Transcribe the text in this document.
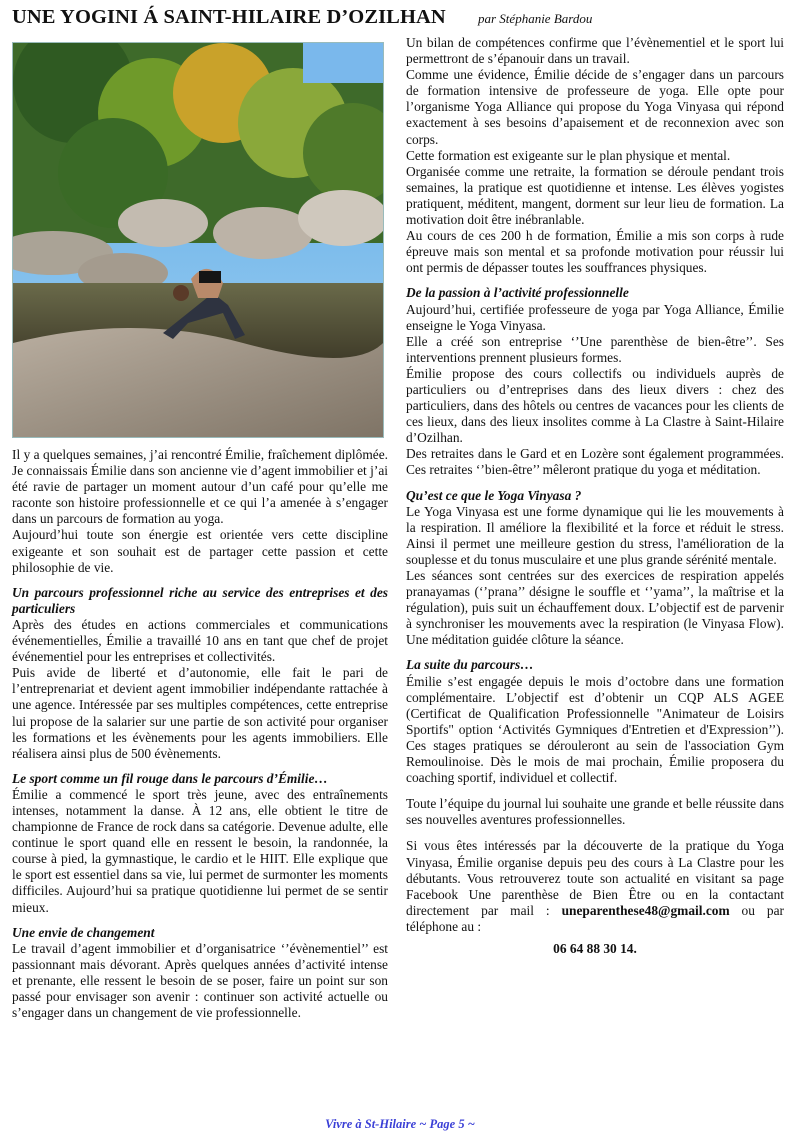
UNE YOGINI Á SAINT-HILAIRE D’OZILHAN par Stéphanie Bardou

Il y a quelques semaines, j’ai rencontré Émilie, fraîchement diplômée. Je connaissais Émilie dans son ancienne vie d’agent immobilier et j’ai été ravie de partager un moment autour d’un café pour qu’elle me raconte son histoire professionnelle et ce qui l’a amenée à s’engager dans un parcours de formation au yoga.

Aujourd’hui toute son énergie est orientée vers cette discipline exigeante et son souhait est de partager cette passion et cette philosophie de vie.

Un parcours professionnel riche au service des entreprises et des particuliers

Après des études en actions commerciales et communications événementielles, Émilie a travaillé 10 ans en tant que chef de projet événementiel pour les entreprises et collectivités.

Puis avide de liberté et d’autonomie, elle fait le pari de l’entreprenariat et devient agent immobilier indépendante rattachée à une agence. Intéressée par ses multiples compétences, cette entreprise lui propose de la salarier sur une partie de son activité pour organiser les formations et les évènements pour les agents immobiliers. Elle réalisera ainsi plus de 500 évènements.

Le sport comme un fil rouge dans le parcours d’Émilie…

Émilie a commencé le sport très jeune, avec des entraînements intenses, notamment la danse. À 12 ans, elle obtient le titre de championne de France de rock dans sa catégorie. Devenue adulte, elle continue le sport quand elle en ressent le besoin, la randonnée, la course à pied, la gymnastique, le cardio et le HIIT. Elle explique que le sport est essentiel dans sa vie, lui permet de surmonter les moments difficiles. Aujourd’hui sa pratique quotidienne lui permet de se sentir mieux.

Une envie de changement

Le travail d’agent immobilier et d’organisatrice ‘’évènementiel’’ est passionnant mais dévorant. Après quelques années d’activité intense et prenante, elle ressent le besoin de se poser, faire un point sur son passé pour envisager son avenir : continuer son activité actuelle ou s’engager dans un changement de vie professionnelle.

Un bilan de compétences confirme que l’évènementiel et le sport lui permettront de s’épanouir dans un travail.

Comme une évidence, Émilie décide de s’engager dans un parcours de formation intensive de professeure de yoga. Elle opte pour l’organisme Yoga Alliance qui propose du Yoga Vinyasa qui répond exactement à ses besoins d’apaisement et de reconnexion avec son corps.

Cette formation est exigeante sur le plan physique et mental.

Organisée comme une retraite, la formation se déroule pendant trois semaines, la pratique est quotidienne et intense. Les élèves yogistes pratiquent, méditent, mangent, dorment sur leur lieu de formation. La motivation doit être inébranlable.

Au cours de ces 200 h de formation, Émilie a mis son corps à rude épreuve mais son mental et sa profonde motivation pour réussir lui ont permis de dépasser toutes les souffrances physiques.

De la passion à l’activité professionnelle

Aujourd’hui, certifiée professeure de yoga par Yoga Alliance, Émilie enseigne le Yoga Vinyasa.

Elle a créé son entreprise ‘’Une parenthèse de bien-être’’. Ses interventions prennent plusieurs formes.

Émilie propose des cours collectifs ou individuels auprès de particuliers ou d’entreprises dans des lieux divers : chez des particuliers, dans des hôtels ou centres de vacances pour les clients de ces lieux, dans des lieux insolites comme à La Clastre à Saint-Hilaire d’Ozilhan.

Des retraites dans le Gard et en Lozère sont également programmées. Ces retraites ‘’bien-être’’ mêleront pratique du yoga et méditation.

Qu’est ce que le Yoga Vinyasa ?

Le Yoga Vinyasa est une forme dynamique qui lie les mouvements à la respiration. Il améliore la flexibilité et la force et réduit le stress. Ainsi il permet une meilleure gestion du stress, l'amélioration de la souplesse et du tonus musculaire et une plus grande sérénité mentale.

Les séances sont centrées sur des exercices de respiration appelés pranayamas (‘’prana’’ désigne le souffle et ‘’yama’’, la maîtrise et la régulation), puis suit un échauffement doux. L’objectif est de parvenir à synchroniser les mouvements avec la respiration (le Vinyasa Flow). Une méditation guidée clôture la séance.

La suite du parcours…

Émilie s’est engagée depuis le mois d’octobre dans une formation complémentaire. L’objectif est d’obtenir un CQP ALS AGEE (Certificat de Qualification Professionnelle "Animateur de Loisirs Sportifs" option ‘Activités Gymniques d'Entretien et d'Expression’’). Ces stages pratiques se dérouleront au sein de l'association Gym Remoulinoise. Dès le mois de mai prochain, Émilie proposera du coaching sportif, individuel et collectif.

Toute l’équipe du journal lui souhaite une grande et belle réussite dans ses nouvelles aventures professionnelles.

Si vous êtes intéressés par la découverte de la pratique du Yoga Vinyasa, Émilie organise depuis peu des cours à La Clastre pour les débutants. Vous retrouverez toute son actualité en visitant sa page Facebook Une parenthèse de Bien Être ou en la contactant directement par mail : uneparenthese48@gmail.com ou par téléphone au :

06 64 88 30 14.

Vivre à St-Hilaire ~ Page 5 ~
